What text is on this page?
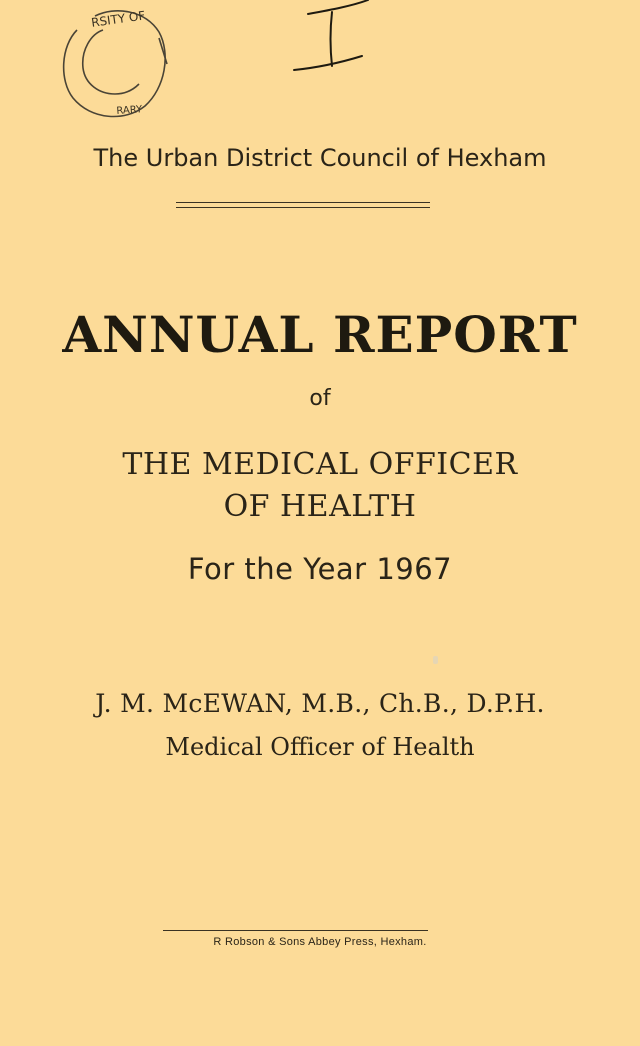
RSITY OF
RARY
The Urban District Council of Hexham
ANNUAL REPORT
of
THE MEDICAL OFFICER
OF HEALTH
For the Year 1967
J. M. McEWAN, M.B., Ch.B., D.P.H.
Medical Officer of Health
R Robson & Sons Abbey Press, Hexham.
